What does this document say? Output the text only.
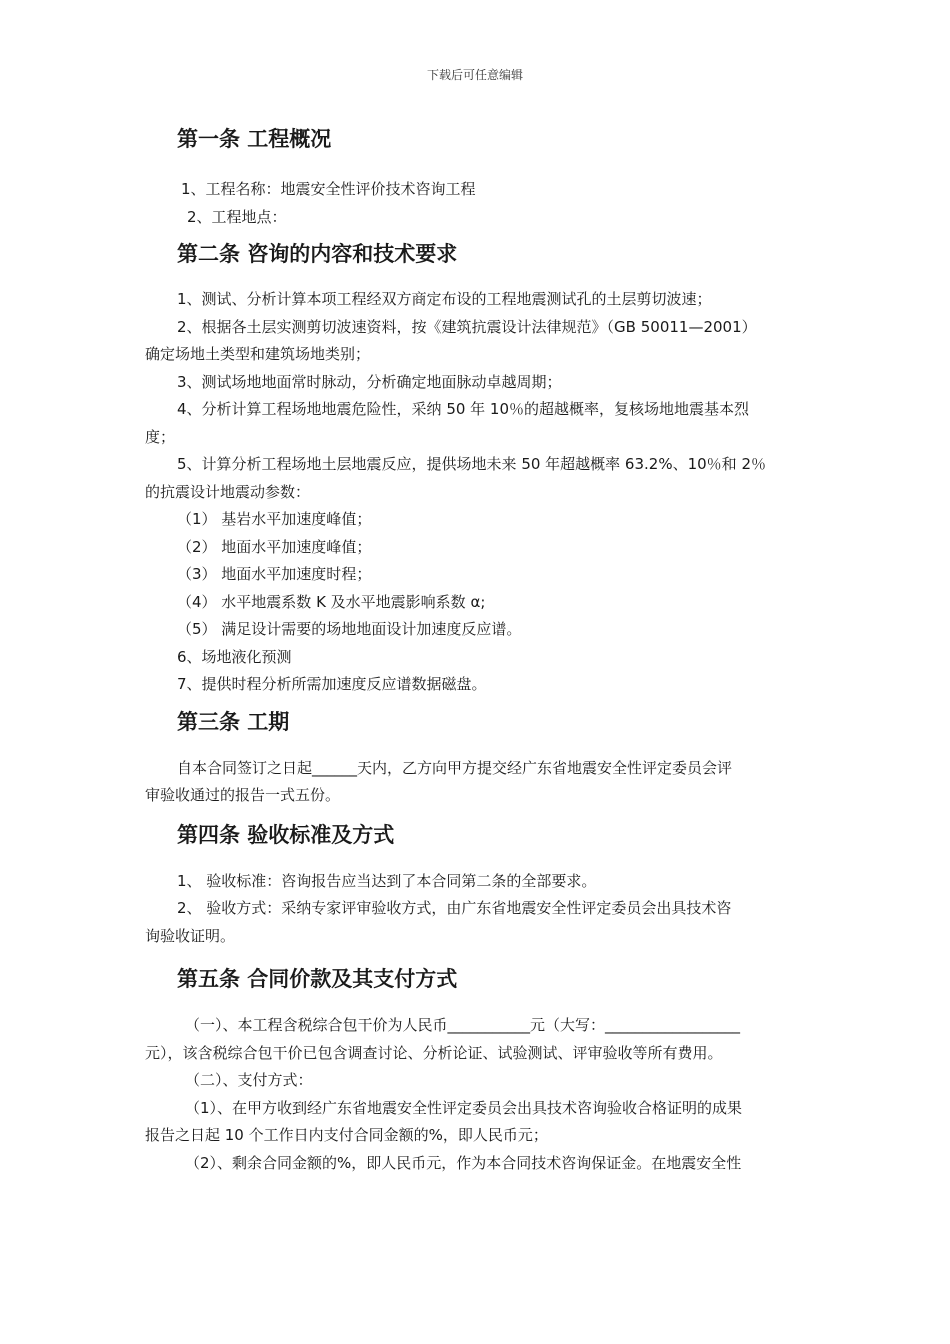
下载后可任意编辑
第一条 工程概况

1、工程名称：地震安全性评价技术咨询工程

2、工程地点：

第二条 咨询的内容和技术要求

1、测试、分析计算本项工程经双方商定布设的工程地震测试孔的土层剪切波速；

2、根据各土层实测剪切波速资料，按《建筑抗震设计法律规范》（GB 50011—2001）

确定场地土类型和建筑场地类别；

3、测试场地地面常时脉动，分析确定地面脉动卓越周期；

4、分析计算工程场地地震危险性，采纳 50 年 10％的超越概率，复核场地地震基本烈

度；

5、计算分析工程场地土层地震反应，提供场地未来 50 年超越概率 63.2%、10％和 2％

的抗震设计地震动参数：

（1） 基岩水平加速度峰值；

（2） 地面水平加速度峰值；

（3） 地面水平加速度时程；

（4） 水平地震系数 K 及水平地震影响系数 α;

（5） 满足设计需要的场地地面设计加速度反应谱。

6、场地液化预测

7、提供时程分析所需加速度反应谱数据磁盘。

第三条 工期

自本合同签订之日起______天内，乙方向甲方提交经广东省地震安全性评定委员会评

审验收通过的报告一式五份。

第四条 验收标准及方式

1、 验收标准：咨询报告应当达到了本合同第二条的全部要求。

2、 验收方式：采纳专家评审验收方式，由广东省地震安全性评定委员会出具技术咨

询验收证明。

第五条 合同价款及其支付方式

（一）、本工程含税综合包干价为人民币___________元（大写：__________________

元），该含税综合包干价已包含调查讨论、分析论证、试验测试、评审验收等所有费用。

（二）、支付方式：

（1）、在甲方收到经广东省地震安全性评定委员会出具技术咨询验收合格证明的成果

报告之日起 10 个工作日内支付合同金额的%，即人民币元；

（2）、剩余合同金额的%，即人民币元，作为本合同技术咨询保证金。在地震安全性
